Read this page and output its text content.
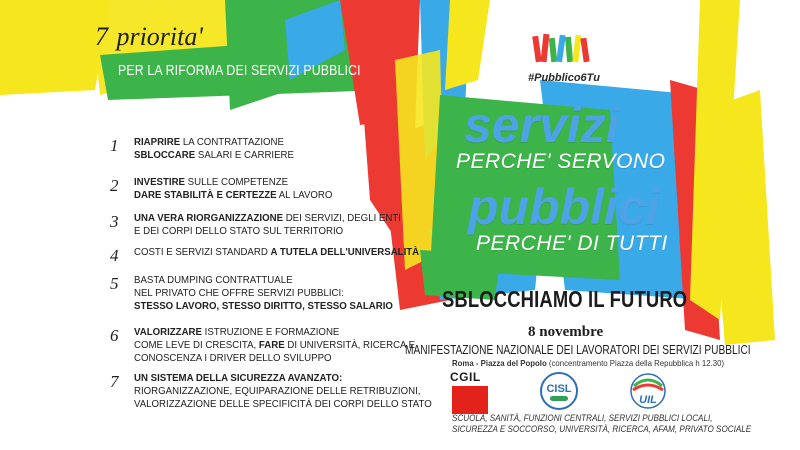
7 priorita'
PER LA RIFORMA DEI SERVIZI PUBBLICI
1 RIAPRIRE LA CONTRATTAZIONE
SBLOCCARE SALARI E CARRIERE
2 INVESTIRE SULLE COMPETENZE
DARE STABILITÀ E CERTEZZE AL LAVORO
3 UNA VERA RIORGANIZZAZIONE DEI SERVIZI, DEGLI ENTI
E DEI CORPI DELLO STATO SUL TERRITORIO
4 COSTI E SERVIZI STANDARD A TUTELA DELL'UNIVERSALITÀ
5 BASTA DUMPING CONTRATTUALE
NEL PRIVATO CHE OFFRE SERVIZI PUBBLICI:
STESSO LAVORO, STESSO DIRITTO, STESSO SALARIO
6 VALORIZZARE ISTRUZIONE E FORMAZIONE
COME LEVE DI CRESCITA, FARE DI UNIVERSITÀ, RICERCA E
CONOSCENZA I DRIVER DELLO SVILUPPO
7 UN SISTEMA DELLA SICUREZZA AVANZATO:
RIORGANIZZAZIONE, EQUIPARAZIONE DELLE RETRIBUZIONI,
VALORIZZAZIONE DELLE SPECIFICITÀ DEI CORPI DELLO STATO
#Pubblico6Tu
servizi
PERCHE' SERVONO
pubblici
PERCHE' DI TUTTI
SBLOCCHIAMO IL FUTURO
8 novembre
MANIFESTAZIONE NAZIONALE DEI LAVORATORI DEI SERVIZI PUBBLICI
Roma - Piazza del Popolo (concentramento Piazza della Repubblica h 12.30)
CGIL
CISL
UIL
SCUOLA, SANITÀ, FUNZIONI CENTRALI, SERVIZI PUBBLICI LOCALI,
SICUREZZA E SOCCORSO, UNIVERSITÀ, RICERCA, AFAM, PRIVATO SOCIALE
